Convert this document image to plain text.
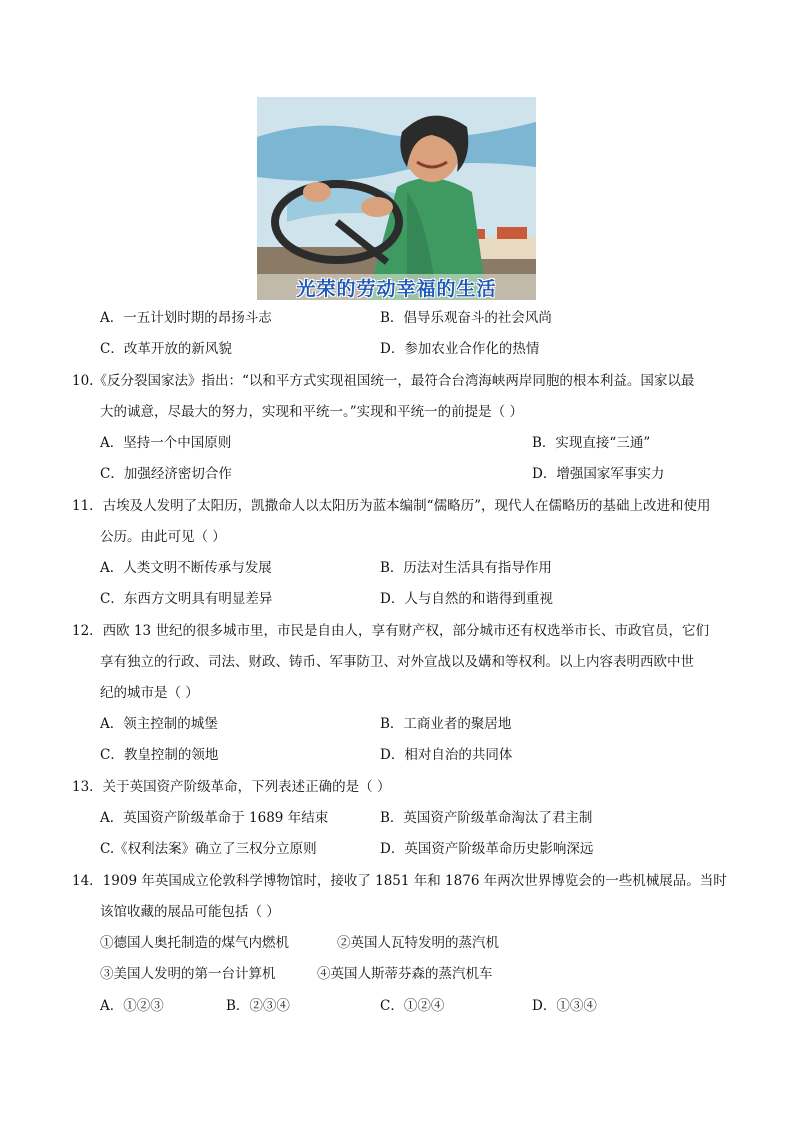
光荣的劳动幸福的生活
A．一五计划时期的昂扬斗志	B．倡导乐观奋斗的社会风尚
C．改革开放的新风貌	D．参加农业合作化的热情
10.《反分裂国家法》指出：“以和平方式实现祖国统一，最符合台湾海峡两岸同胞的根本利益。国家以最
大的诚意，尽最大的努力，实现和平统一。”实现和平统一的前提是（ ）
A．坚持一个中国原则	B．实现直接“三通”
C．加强经济密切合作	D．增强国家军事实力
11．古埃及人发明了太阳历，凯撒命人以太阳历为蓝本编制“儒略历”，现代人在儒略历的基础上改进和使用
公历。由此可见（ ）
A．人类文明不断传承与发展	B．历法对生活具有指导作用
C．东西方文明具有明显差异	D．人与自然的和谐得到重视
12．西欧 13 世纪的很多城市里，市民是自由人，享有财产权，部分城市还有权选举市长、市政官员，它们
享有独立的行政、司法、财政、铸币、军事防卫、对外宣战以及媾和等权利。以上内容表明西欧中世
纪的城市是（ ）
A．领主控制的城堡	B．工商业者的聚居地
C．教皇控制的领地	D．相对自治的共同体
13．关于英国资产阶级革命，下列表述正确的是（ ）
A．英国资产阶级革命于 1689 年结束	B．英国资产阶级革命淘汰了君主制
C.《权利法案》确立了三权分立原则	D．英国资产阶级革命历史影响深远
14．1909 年英国成立伦敦科学博物馆时，接收了 1851 年和 1876 年两次世界博览会的一些机械展品。当时
该馆收藏的展品可能包括（ ）
①德国人奥托制造的煤气内燃机	②英国人瓦特发明的蒸汽机
③美国人发明的第一台计算机	④英国人斯蒂芬森的蒸汽机车
A．①②③	B．②③④	C．①②④	D．①③④
